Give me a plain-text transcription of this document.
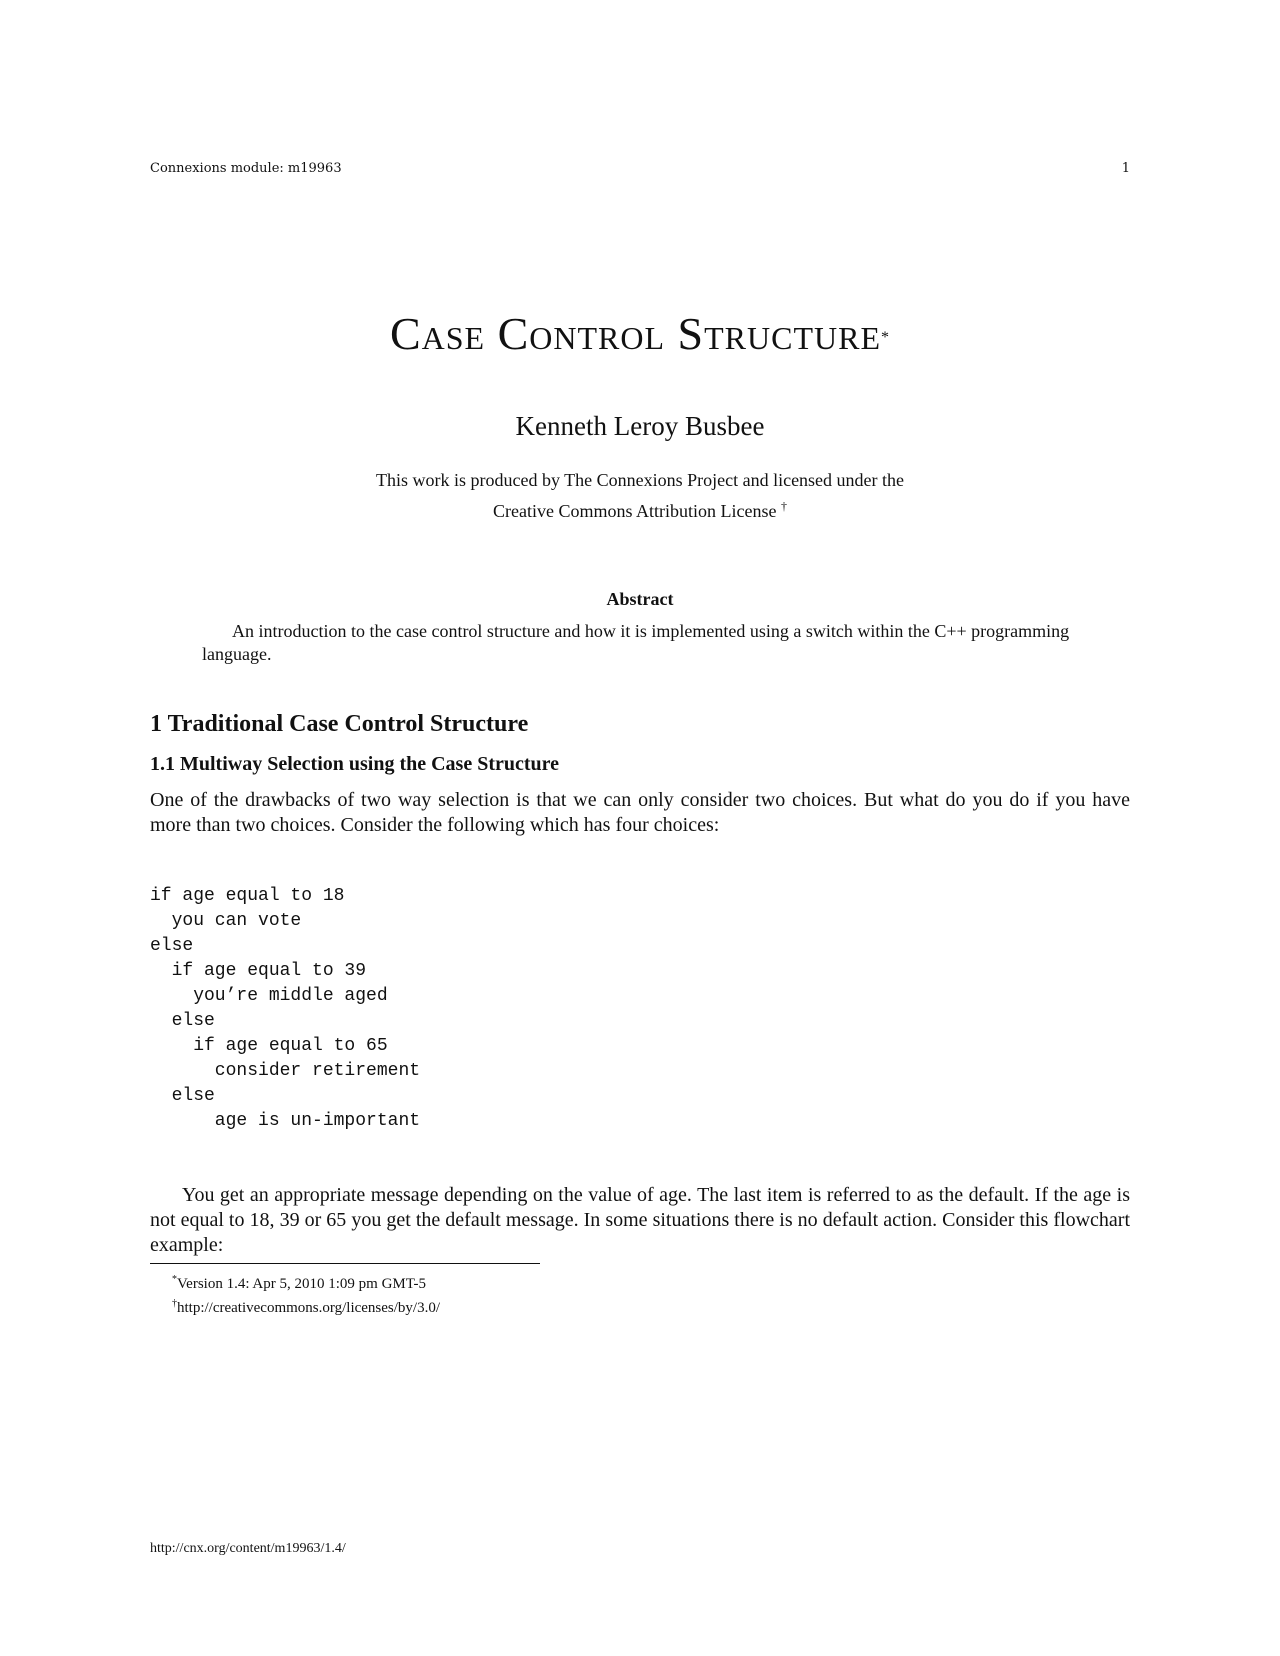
Connexions module: m19963	1
Case Control Structure*
Kenneth Leroy Busbee
This work is produced by The Connexions Project and licensed under the
Creative Commons Attribution License †
Abstract
An introduction to the case control structure and how it is implemented using a switch within the C++ programming language.
1 Traditional Case Control Structure
1.1 Multiway Selection using the Case Structure

One of the drawbacks of two way selection is that we can only consider two choices. But what do you do if you have more than two choices. Consider the following which has four choices:

if age equal to 18
you can vote
else
if age equal to 39
you’re middle aged
else
if age equal to 65
consider retirement
else
age is un-important

You get an appropriate message depending on the value of age. The last item is referred to as the default. If the age is not equal to 18, 39 or 65 you get the default message. In some situations there is no default action. Consider this flowchart example:

*Version 1.4: Apr 5, 2010 1:09 pm GMT-5
†http://creativecommons.org/licenses/by/3.0/
http://cnx.org/content/m19963/1.4/
